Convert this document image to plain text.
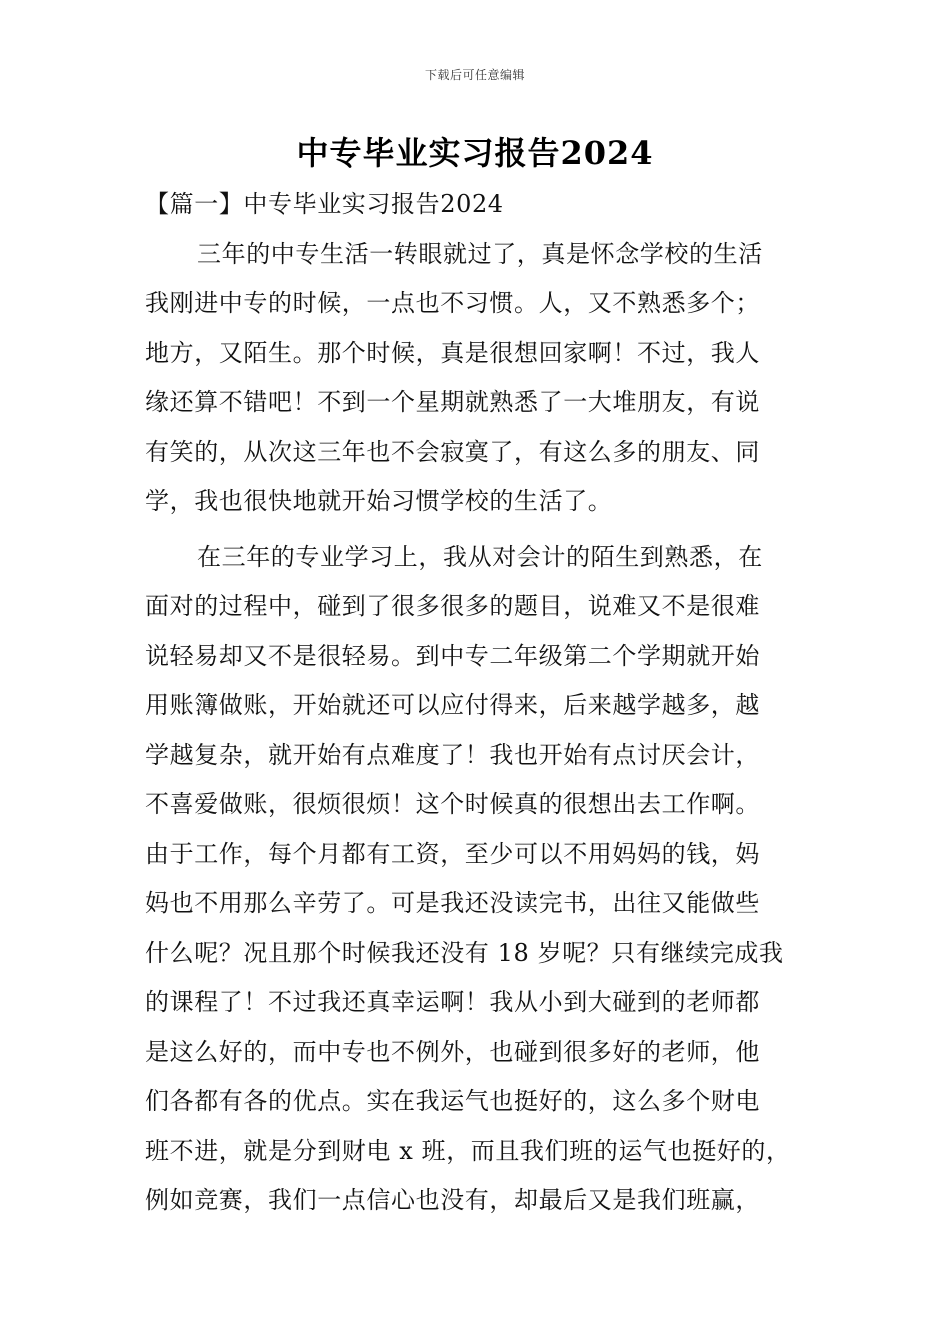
下载后可任意编辑
中专毕业实习报告2024
【篇一】中专毕业实习报告2024
三年的中专生活一转眼就过了，真是怀念学校的生活
我刚进中专的时候，一点也不习惯。人，又不熟悉多个；
地方，又陌生。那个时候，真是很想回家啊！不过，我人
缘还算不错吧！不到一个星期就熟悉了一大堆朋友，有说
有笑的，从次这三年也不会寂寞了，有这么多的朋友、同
学，我也很快地就开始习惯学校的生活了。
在三年的专业学习上，我从对会计的陌生到熟悉，在
面对的过程中，碰到了很多很多的题目，说难又不是很难
说轻易却又不是很轻易。到中专二年级第二个学期就开始
用账簿做账，开始就还可以应付得来，后来越学越多，越
学越复杂，就开始有点难度了！我也开始有点讨厌会计，
不喜爱做账，很烦很烦！这个时候真的很想出去工作啊。
由于工作，每个月都有工资，至少可以不用妈妈的钱，妈
妈也不用那么辛劳了。可是我还没读完书，出往又能做些
什么呢？况且那个时候我还没有 18 岁呢？只有继续完成我
的课程了！不过我还真幸运啊！我从小到大碰到的老师都
是这么好的，而中专也不例外，也碰到很多好的老师，他
们各都有各的优点。实在我运气也挺好的，这么多个财电
班不进，就是分到财电 x 班，而且我们班的运气也挺好的，
例如竞赛，我们一点信心也没有，却最后又是我们班赢，
